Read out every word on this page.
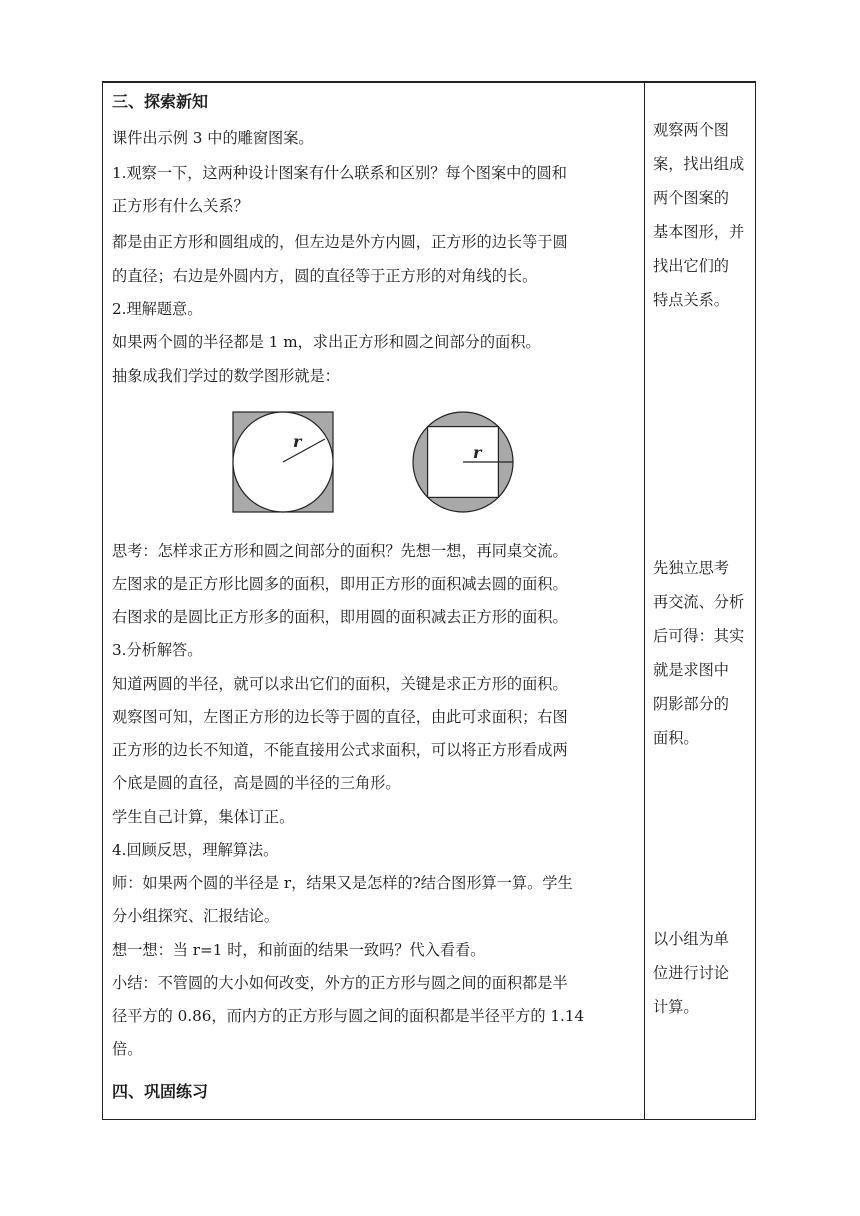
三、探索新知
课件出示例 3 中的雕窗图案。
1.观察一下，这两种设计图案有什么联系和区别？每个图案中的圆和
正方形有什么关系？
都是由正方形和圆组成的，但左边是外方内圆，正方形的边长等于圆
的直径；右边是外圆内方，圆的直径等于正方形的对角线的长。
2.理解题意。
如果两个圆的半径都是 1 m，求出正方形和圆之间部分的面积。
抽象成我们学过的数学图形就是：
r
r
思考：怎样求正方形和圆之间部分的面积？先想一想，再同桌交流。
左图求的是正方形比圆多的面积，即用正方形的面积减去圆的面积。
右图求的是圆比正方形多的面积，即用圆的面积减去正方形的面积。
3.分析解答。
知道两圆的半径，就可以求出它们的面积，关键是求正方形的面积。
观察图可知，左图正方形的边长等于圆的直径，由此可求面积；右图
正方形的边长不知道，不能直接用公式求面积，可以将正方形看成两
个底是圆的直径，高是圆的半径的三角形。
学生自己计算，集体订正。
4.回顾反思，理解算法。
师：如果两个圆的半径是 r，结果又是怎样的?结合图形算一算。学生
分小组探究、汇报结论。
想一想：当 r=1 时，和前面的结果一致吗？代入看看。
小结：不管圆的大小如何改变，外方的正方形与圆之间的面积都是半
径平方的 0.86，而内方的正方形与圆之间的面积都是半径平方的 1.14
倍。
四、巩固练习
观察两个图
案，找出组成
两个图案的
基本图形，并
找出它们的
特点关系。
先独立思考
再交流、分析
后可得：其实
就是求图中
阴影部分的
面积。
以小组为单
位进行讨论
计算。
